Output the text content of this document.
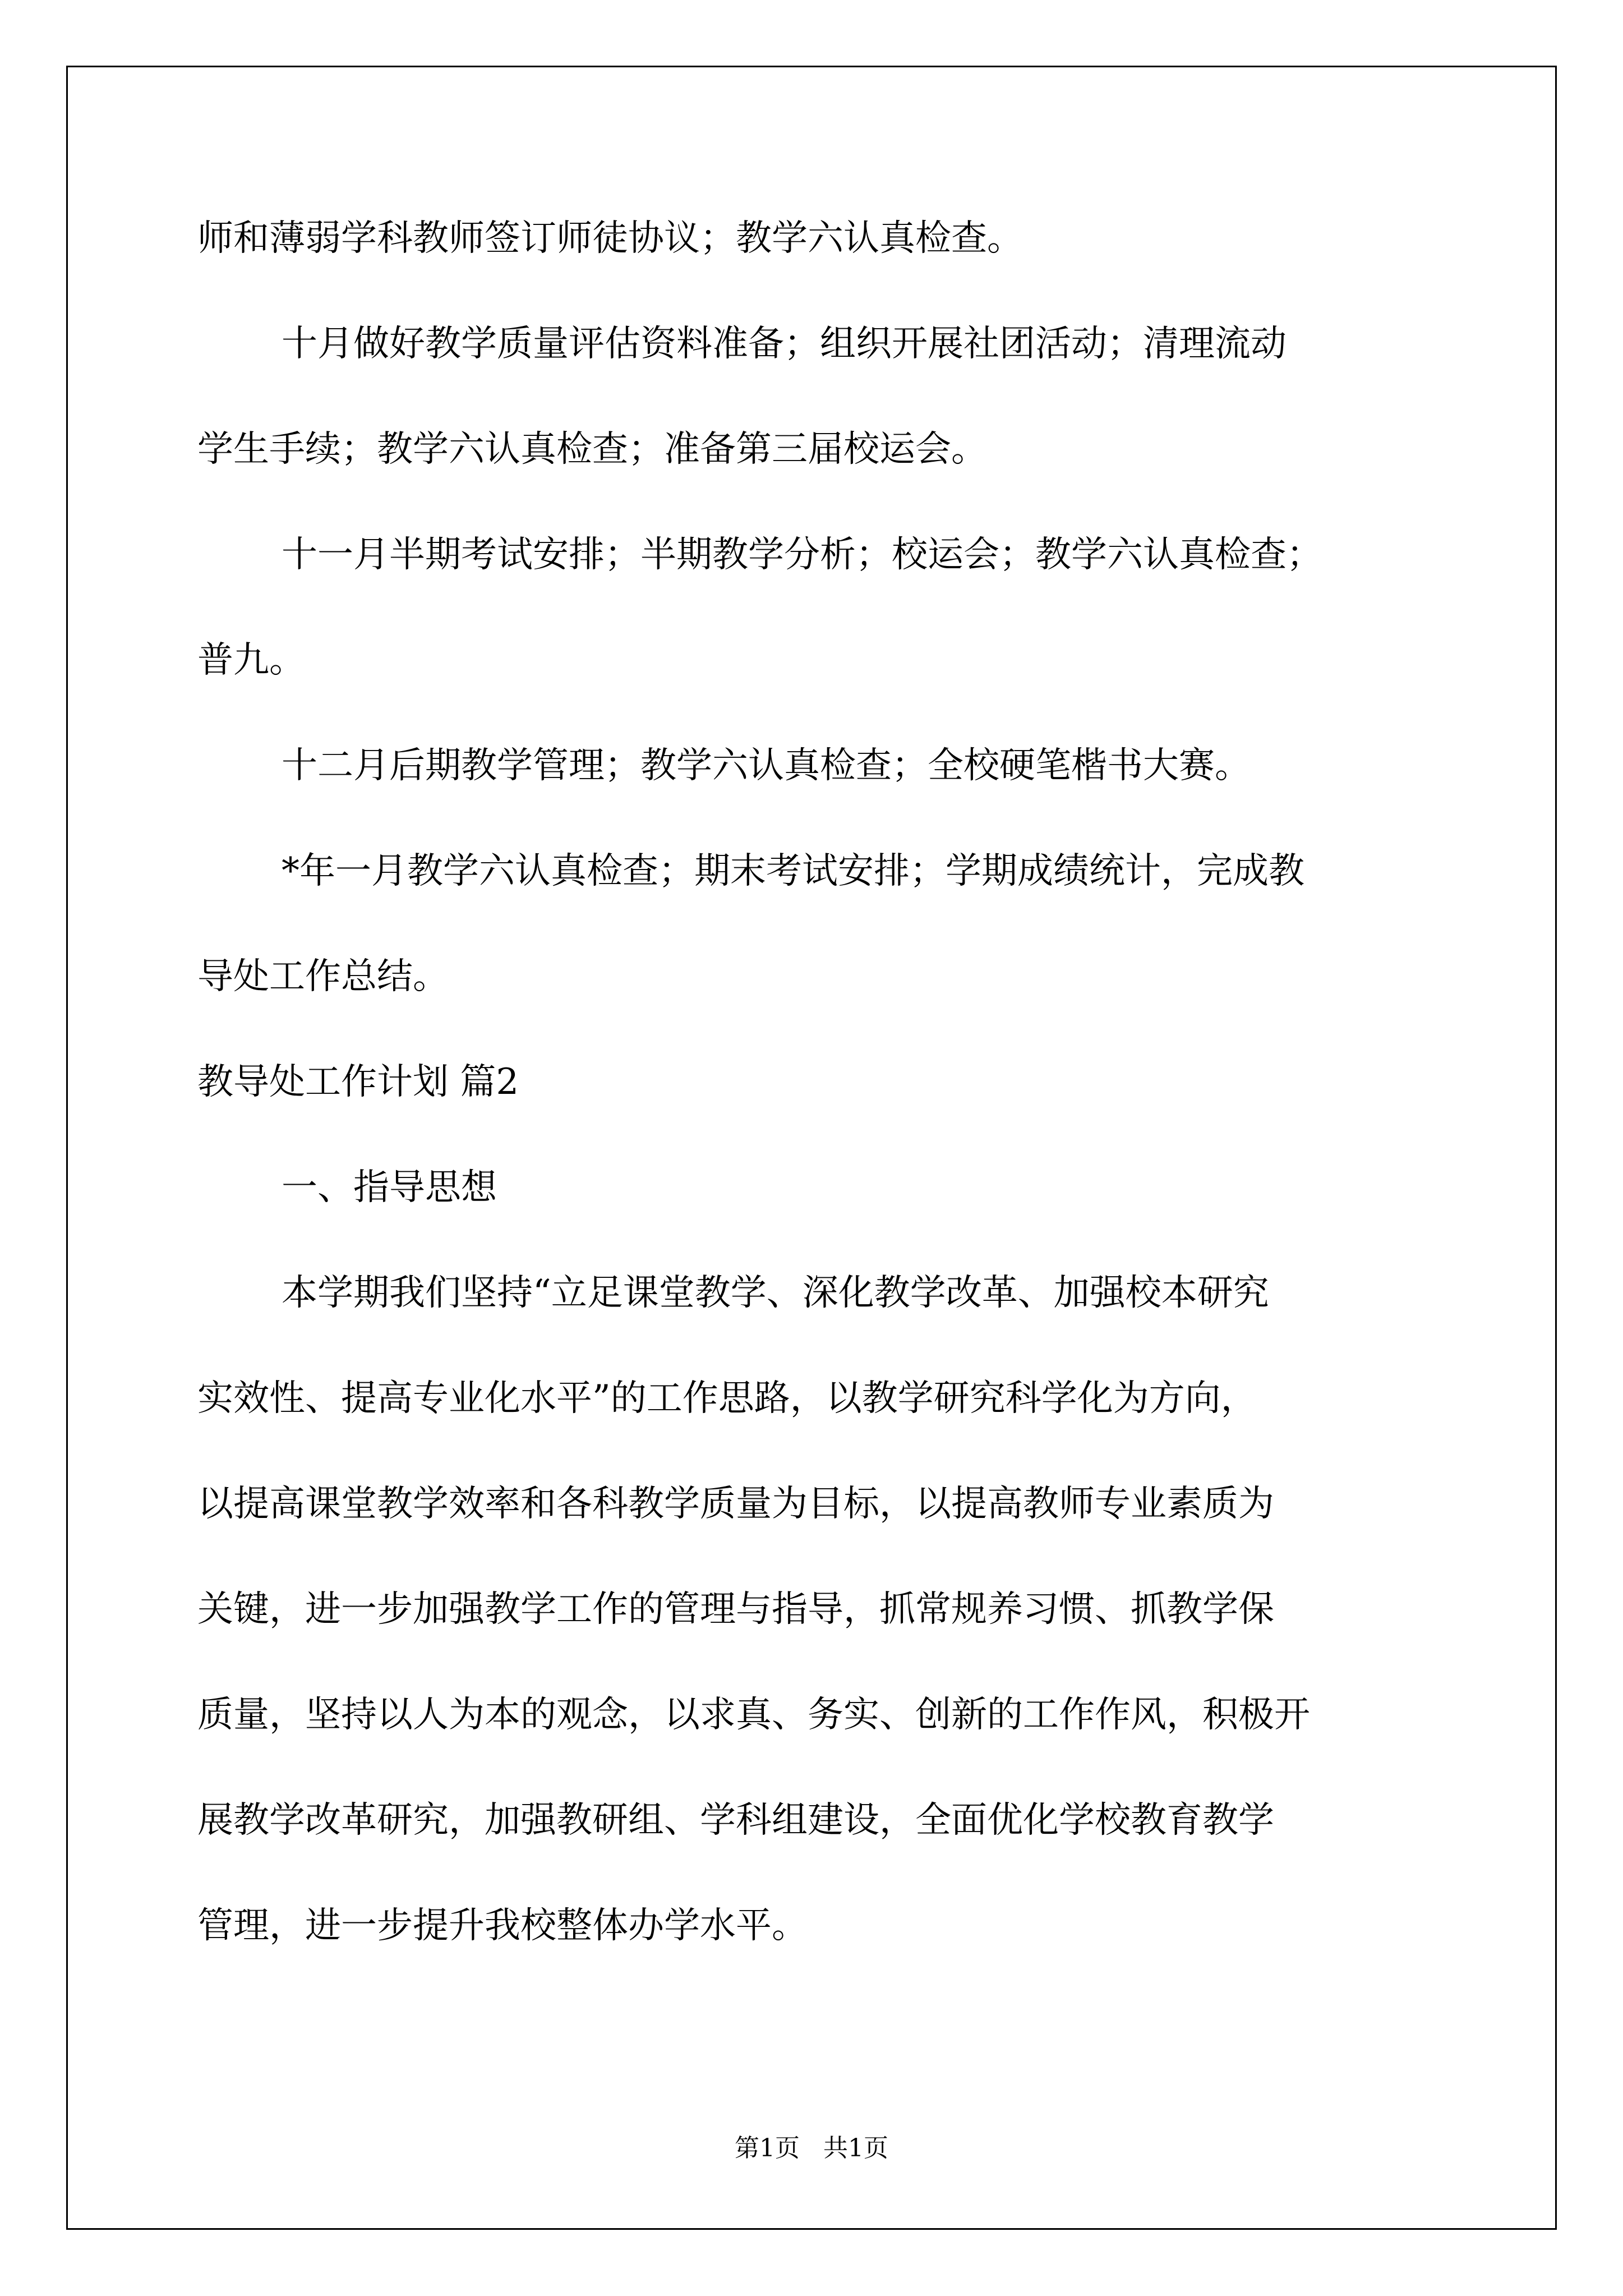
师和薄弱学科教师签订师徒协议；教学六认真检查。
十月做好教学质量评估资料准备；组织开展社团活动；清理流动
学生手续；教学六认真检查；准备第三届校运会。
十一月半期考试安排；半期教学分析；校运会；教学六认真检查；
普九。
十二月后期教学管理；教学六认真检查；全校硬笔楷书大赛。
*年一月教学六认真检查；期末考试安排；学期成绩统计，完成教
导处工作总结。
教导处工作计划 篇2
一、指导思想
本学期我们坚持“立足课堂教学、深化教学改革、加强校本研究
实效性、提高专业化水平”的工作思路，以教学研究科学化为方向，
以提高课堂教学效率和各科教学质量为目标，以提高教师专业素质为
关键，进一步加强教学工作的管理与指导，抓常规养习惯、抓教学保
质量，坚持以人为本的观念，以求真、务实、创新的工作作风，积极开
展教学改革研究，加强教研组、学科组建设，全面优化学校教育教学
管理，进一步提升我校整体办学水平。
第1页 共1页
